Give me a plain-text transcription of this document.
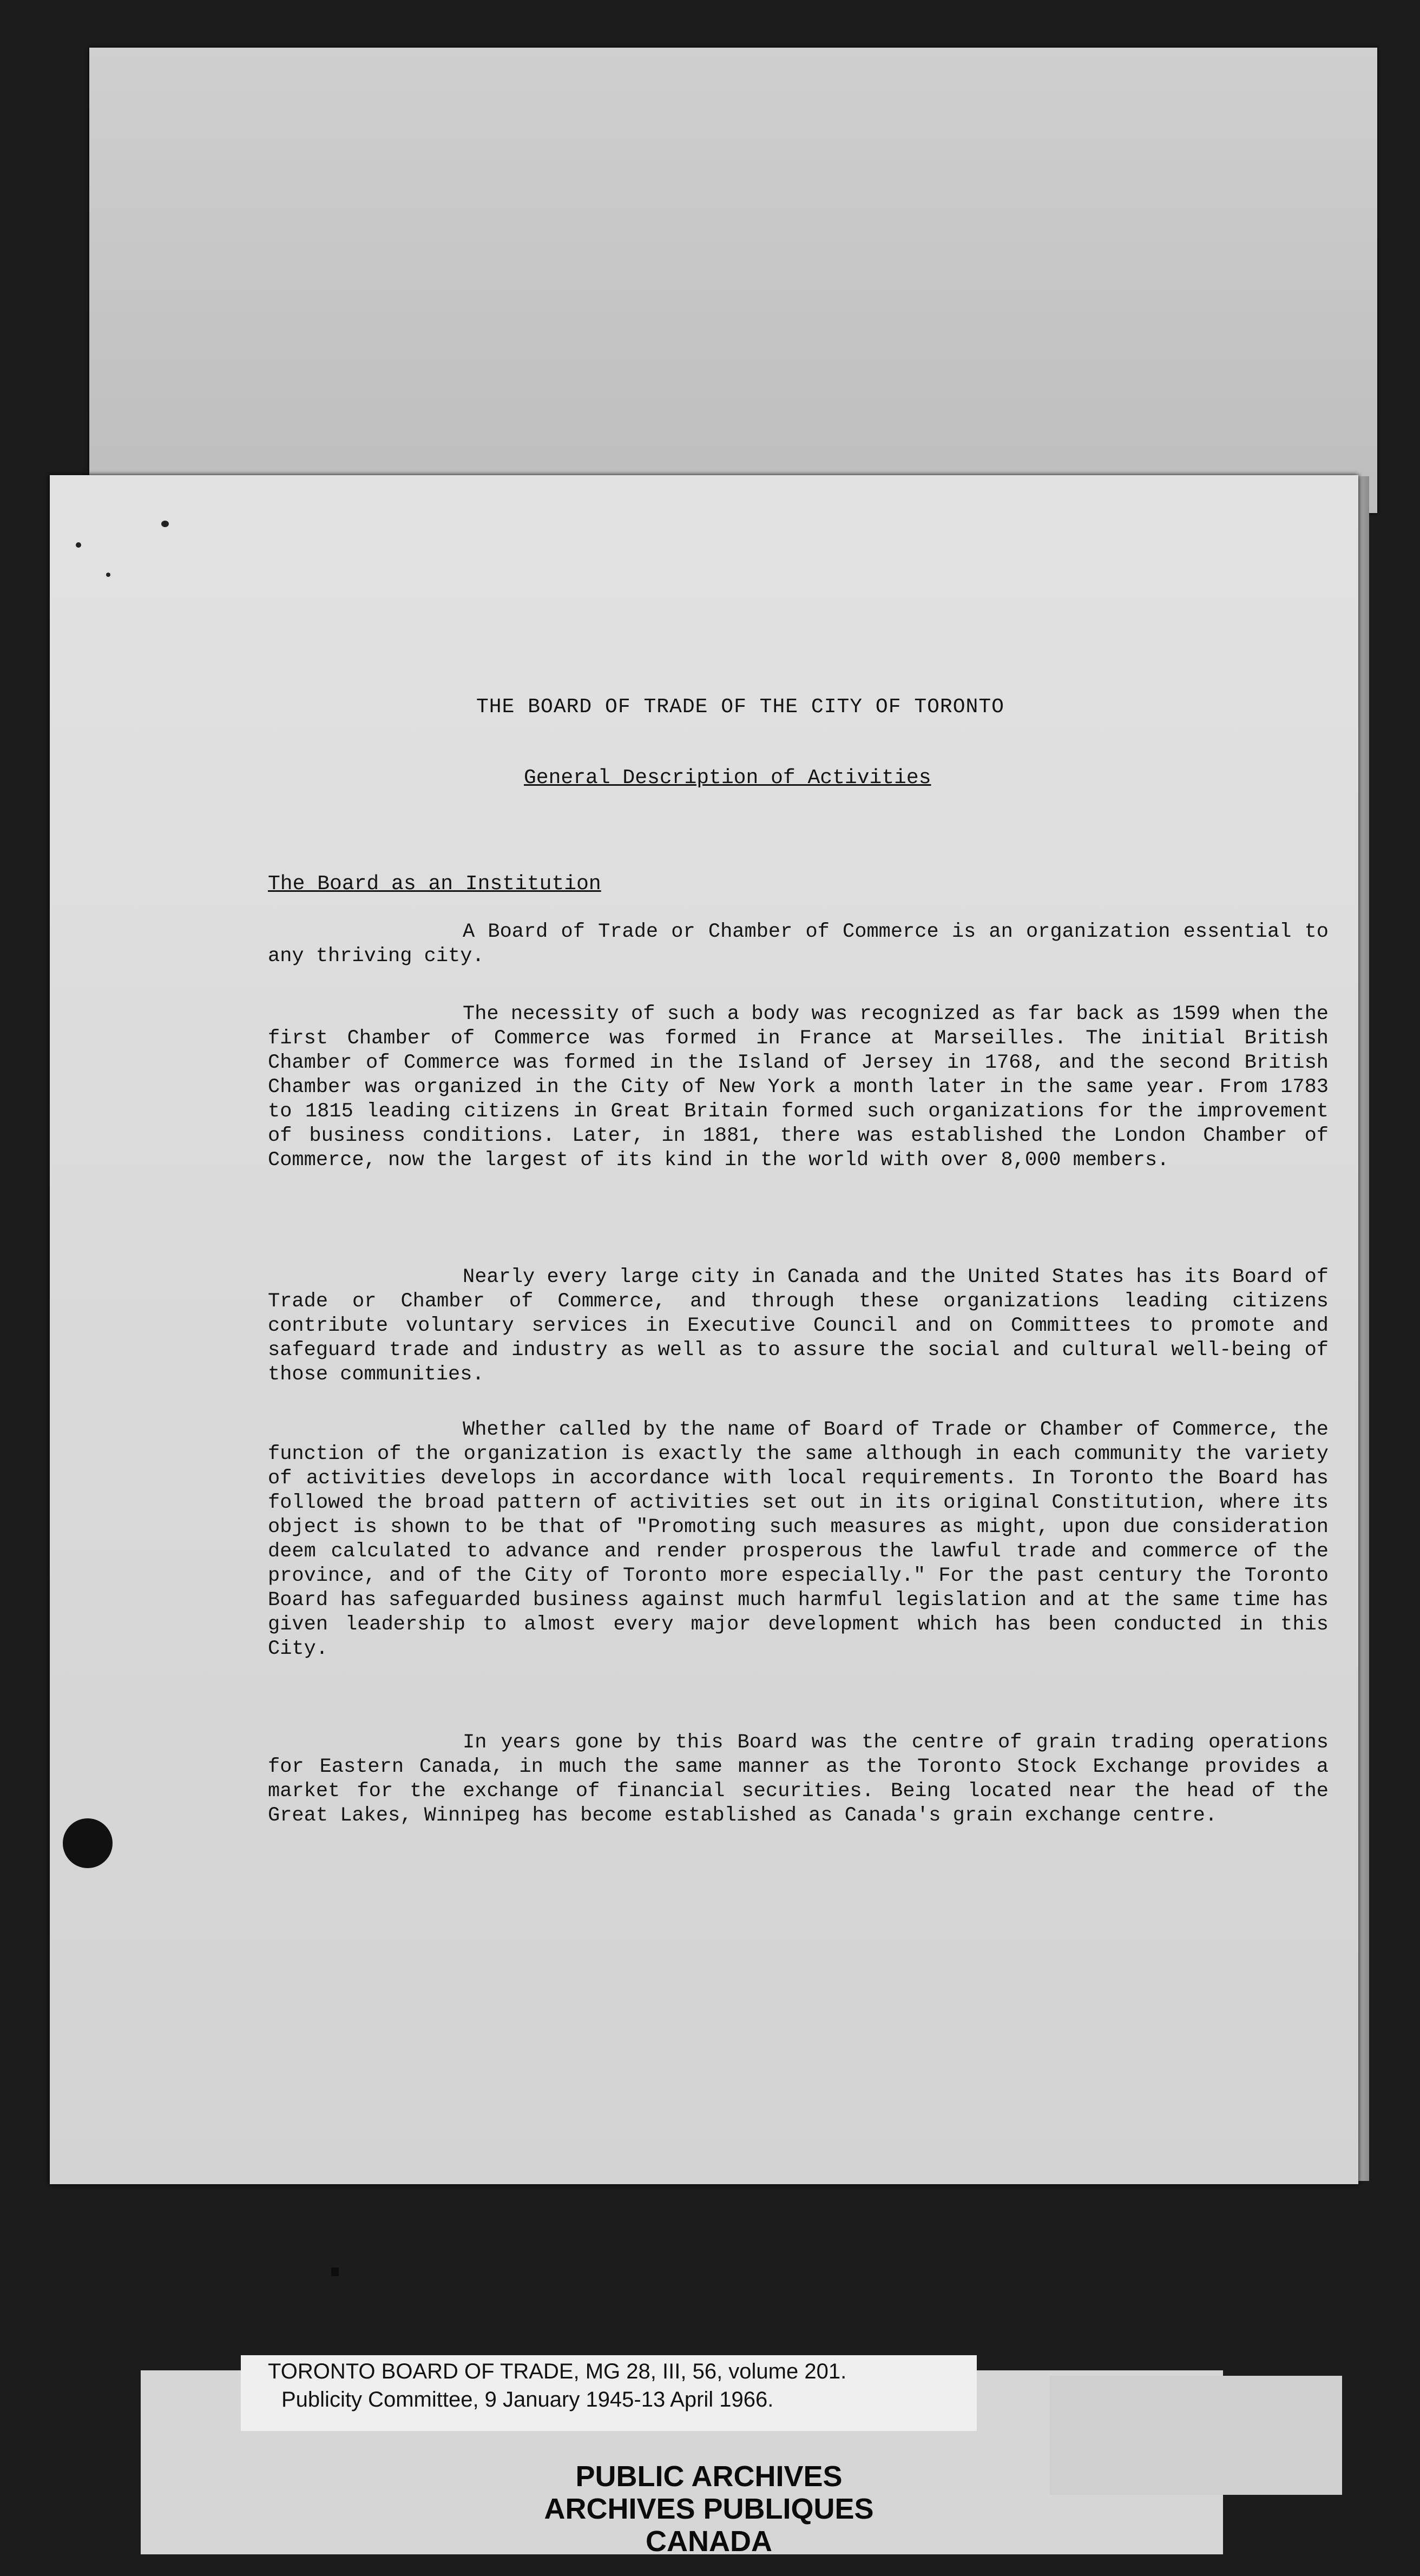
THE BOARD OF TRADE OF THE CITY OF TORONTO
General Description of Activities
The Board as an Institution

A Board of Trade or Chamber of Commerce is an organization essential to any thriving city.

The necessity of such a body was recognized as far back as 1599 when the first Chamber of Commerce was formed in France at Marseilles. The initial British Chamber of Commerce was formed in the Island of Jersey in 1768, and the second British Chamber was organized in the City of New York a month later in the same year. From 1783 to 1815 leading citizens in Great Britain formed such organizations for the improvement of business conditions. Later, in 1881, there was established the London Chamber of Commerce, now the largest of its kind in the world with over 8,000 members.

Nearly every large city in Canada and the United States has its Board of Trade or Chamber of Commerce, and through these organizations leading citizens contribute voluntary services in Executive Council and on Committees to promote and safeguard trade and industry as well as to assure the social and cultural well-being of those communities.

Whether called by the name of Board of Trade or Chamber of Commerce, the function of the organization is exactly the same although in each community the variety of activities develops in accordance with local requirements. In Toronto the Board has followed the broad pattern of activities set out in its original Constitution, where its object is shown to be that of "Promoting such measures as might, upon due consideration deem calculated to advance and render prosperous the lawful trade and commerce of the province, and of the City of Toronto more especially." For the past century the Toronto Board has safeguarded business against much harmful legislation and at the same time has given leadership to almost every major development which has been conducted in this City.

In years gone by this Board was the centre of grain trading operations for Eastern Canada, in much the same manner as the Toronto Stock Exchange provides a market for the exchange of financial securities. Being located near the head of the Great Lakes, Winnipeg has become established as Canada's grain exchange centre.

TORONTO BOARD OF TRADE, MG 28, III, 56, volume 201.
Publicity Committee, 9 January 1945-13 April 1966.
PUBLIC ARCHIVES
ARCHIVES PUBLIQUES
CANADA
